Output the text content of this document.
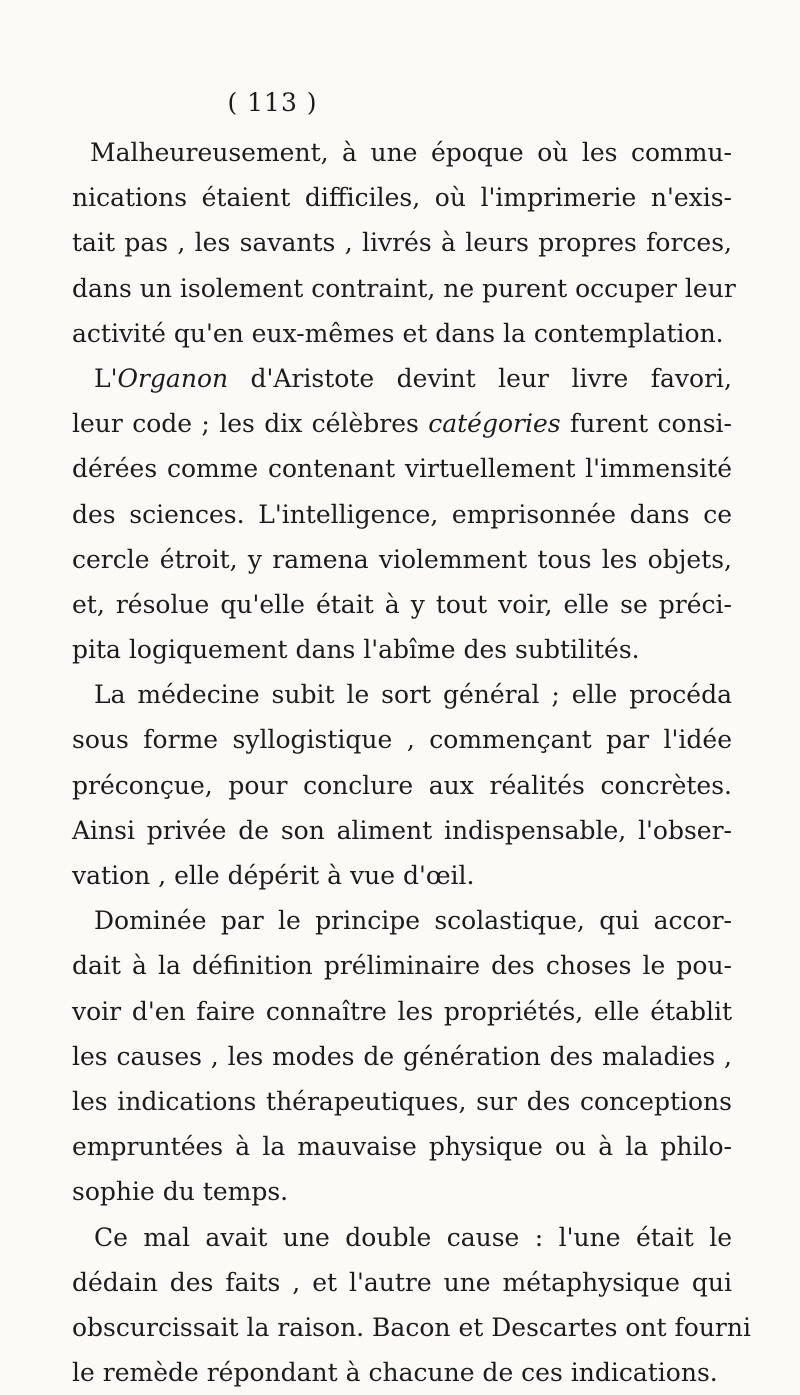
( 113 )
Malheureusement, à une époque où les commu-
nications étaient difficiles, où l'imprimerie n'exis-
tait pas , les savants , livrés à leurs propres forces,
dans un isolement contraint, ne purent occuper leur
activité qu'en eux-mêmes et dans la contemplation.
L'Organon d'Aristote devint leur livre favori,
leur code ; les dix célèbres catégories furent consi-
dérées comme contenant virtuellement l'immensité
des sciences. L'intelligence, emprisonnée dans ce
cercle étroit, y ramena violemment tous les objets,
et, résolue qu'elle était à y tout voir, elle se préci-
pita logiquement dans l'abîme des subtilités.
La médecine subit le sort général ; elle procéda
sous forme syllogistique , commençant par l'idée
préconçue, pour conclure aux réalités concrètes.
Ainsi privée de son aliment indispensable, l'obser-
vation , elle dépérit à vue d'œil.
Dominée par le principe scolastique, qui accor-
dait à la définition préliminaire des choses le pou-
voir d'en faire connaître les propriétés, elle établit
les causes , les modes de génération des maladies ,
les indications thérapeutiques, sur des conceptions
empruntées à la mauvaise physique ou à la philo-
sophie du temps.
Ce mal avait une double cause : l'une était le
dédain des faits , et l'autre une métaphysique qui
obscurcissait la raison. Bacon et Descartes ont fourni
le remède répondant à chacune de ces indications.
